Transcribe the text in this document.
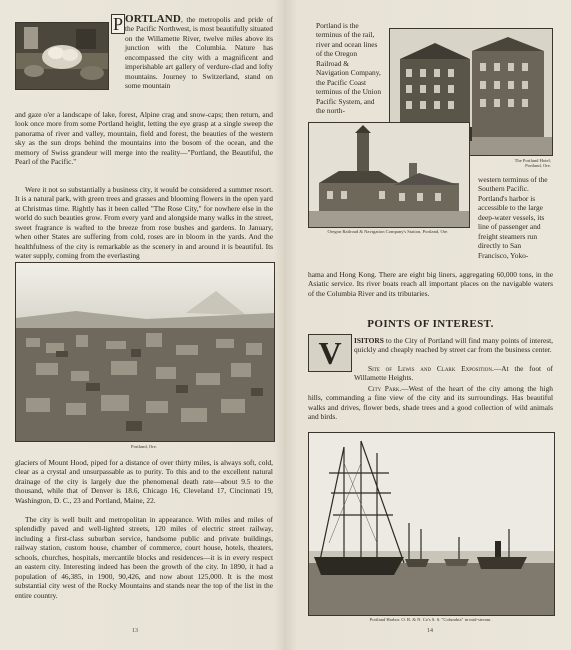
P ORTLAND, the metropolis and pride of the Pacific Northwest, is most beautifully situated on the Willamette River, twelve miles above its junction with the Columbia. Nature has encompassed the city with a magnificent and imperishable art gallery of verdure-clad and lofty mountains. Journey to Switzerland, stand on some mountain

and gaze o'er a landscape of lake, forest, Alpine crag and snow-caps; then return, and look once more from some Portland height, letting the eye grasp at a single sweep the panorama of river and valley, mountain, field and forest, the beauties of the western sky as the sun drops behind the mountains into the bosom of the ocean, and the memory of Swiss grandeur will merge into the reality—"Portland, the Beautiful, the Pearl of the Pacific."

Were it not so substantially a business city, it would be considered a summer resort. It is a natural park, with green trees and grasses and blooming flowers in the open yard at Christmas time. Rightly has it been called "The Rose City," for nowhere else in the world do such beauties grow. From every yard and alongside many walks in the street, sweet fragrance is wafted to the breeze from rose bushes and gardens. In January, when other States are suffering from cold, roses are in bloom in the yards. And the healthfulness of the city is remarkable as the scenery in and around it is beautiful. Its water supply, coming from the everlasting

Portland, Ore.

glaciers of Mount Hood, piped for a distance of over thirty miles, is always soft, cold, clear as a crystal and unsurpassable as to purity. To this and to the excellent natural drainage of the city is largely due the phenomenal death rate—about 9.5 to the thousand, while that of Denver is 18.6, Chicago 16, Cleveland 17, Cincinnati 19, Washington, D. C., 23 and Portland, Maine, 22.

The city is well built and metropolitan in appearance. With miles and miles of splendidly paved and well-lighted streets, 120 miles of electric street railway, including a first-class suburban service, handsome public and private buildings, railway station, custom house, chamber of commerce, court house, hotels, theaters, schools, churches, hospitals, mercantile blocks and residences—it is in every respect an eastern city. Interesting indeed has been the growth of the city. In 1890, it had a population of 46,385, in 1900, 90,426, and now about 125,000. It is the most substantial city west of the Rocky Mountains and stands near the top of the list in the entire country.

13

Portland is the terminus of the rail, river and ocean lines of the Oregon Railroad & Navigation Company, the Pacific Coast terminus of the Union Pacific System, and the north-

The Portland Hotel,
Portland, Ore.
Oregon Railroad & Navigation Company's Station, Portland, Ore.

western terminus of the Southern Pacific. Portland's harbor is accessible to the large deep-water vessels, its line of passenger and freight steamers run directly to San Francisco, Yoko-

hama and Hong Kong. There are eight big liners, aggregating 60,000 tons, in the Asiatic service. Its river boats reach all important places on the navigable waters of the Columbia River and its tributaries.

POINTS OF INTEREST.
V	ISITORS to the City of Portland will find many points of interest, quickly and cheaply reached by street car from the business center.

Site of Lewis and Clark Exposition.—At the foot of Willamette Heights.

City Park.—West of the heart of the city among the high hills, commanding a fine view of the city and its surroundings. Has beautiful walks and drives, flower beds, shade trees and a good collection of wild animals and birds.

Portland Harbor. O. R. & N. Co's S. S. "Columbia" in mid-stream.
14
